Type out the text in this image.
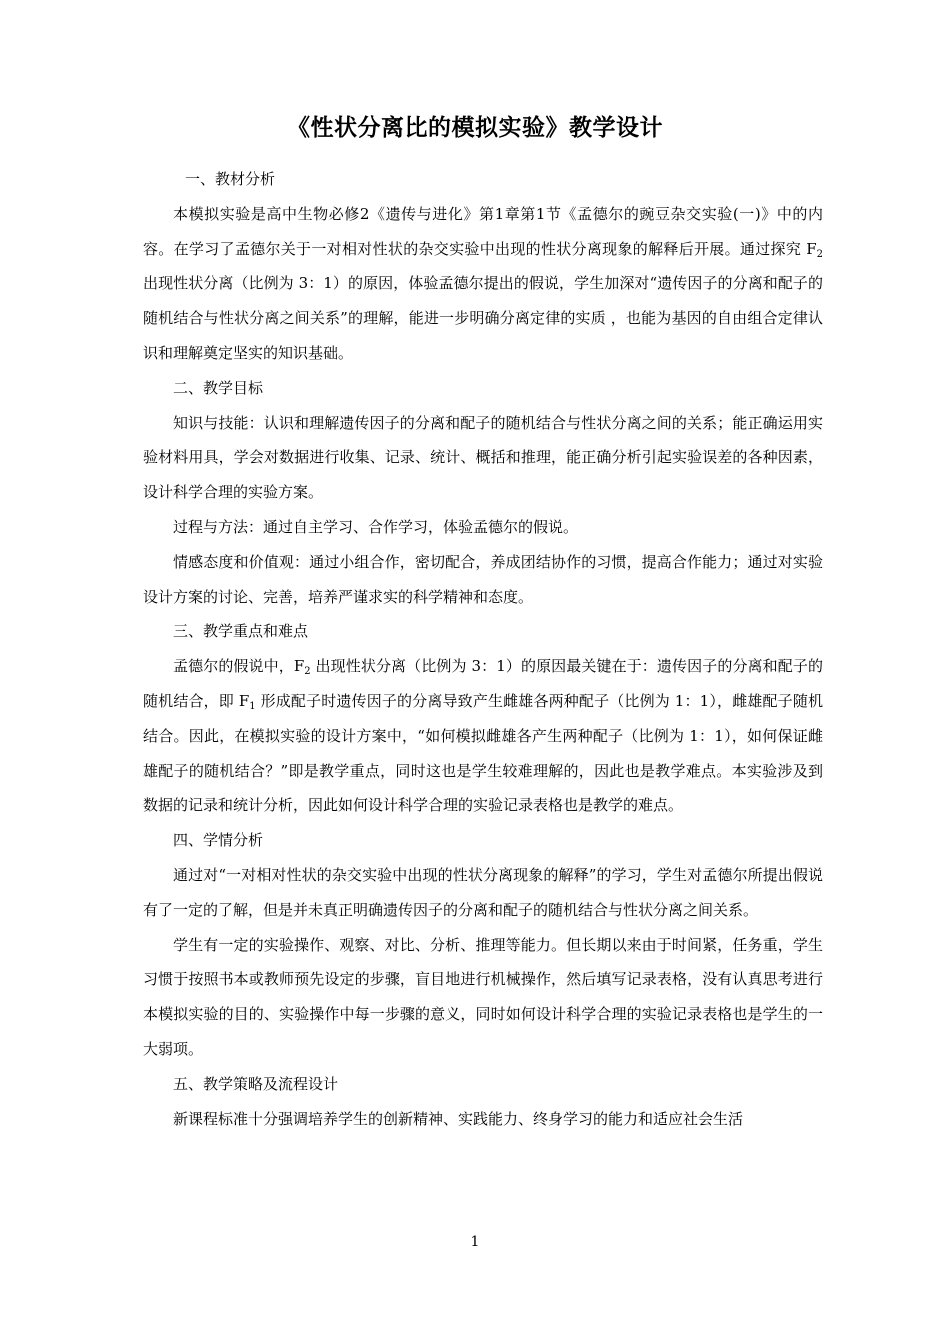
《性状分离比的模拟实验》教学设计

一、教材分析

本模拟实验是高中生物必修2《遗传与进化》第1章第1节《孟德尔的豌豆杂交实验(一)》中的内容。在学习了孟德尔关于一对相对性状的杂交实验中出现的性状分离现象的解释后开展。通过探究 $F_2$ 出现性状分离（比例为 3：1）的原因，体验孟德尔提出的假说，学生加深对“遗传因子的分离和配子的随机结合与性状分离之间关系”的理解，能进一步明确分离定律的实质 ，也能为基因的自由组合定律认识和理解奠定坚实的知识基础。

二、教学目标

知识与技能：认识和理解遗传因子的分离和配子的随机结合与性状分离之间的关系；能正确运用实验材料用具，学会对数据进行收集、记录、统计、概括和推理，能正确分析引起实验误差的各种因素，设计科学合理的实验方案。

过程与方法：通过自主学习、合作学习，体验孟德尔的假说。

情感态度和价值观：通过小组合作，密切配合，养成团结协作的习惯，提高合作能力；通过对实验设计方案的讨论、完善，培养严谨求实的科学精神和态度。

三、教学重点和难点

孟德尔的假说中，$F_2$ 出现性状分离（比例为 3：1）的原因最关键在于：遗传因子的分离和配子的随机结合，即 $F_1$ 形成配子时遗传因子的分离导致产生雌雄各两种配子（比例为 1：1），雌雄配子随机结合。因此，在模拟实验的设计方案中，“如何模拟雌雄各产生两种配子（比例为 1：1），如何保证雌雄配子的随机结合？”即是教学重点，同时这也是学生较难理解的，因此也是教学难点。本实验涉及到数据的记录和统计分析，因此如何设计科学合理的实验记录表格也是教学的难点。

四、学情分析

通过对“一对相对性状的杂交实验中出现的性状分离现象的解释”的学习，学生对孟德尔所提出假说有了一定的了解，但是并未真正明确遗传因子的分离和配子的随机结合与性状分离之间关系。

学生有一定的实验操作、观察、对比、分析、推理等能力。但长期以来由于时间紧，任务重，学生习惯于按照书本或教师预先设定的步骤，盲目地进行机械操作，然后填写记录表格，没有认真思考进行本模拟实验的目的、实验操作中每一步骤的意义，同时如何设计科学合理的实验记录表格也是学生的一大弱项。

五、教学策略及流程设计

新课程标准十分强调培养学生的创新精神、实践能力、终身学习的能力和适应社会生活

1
